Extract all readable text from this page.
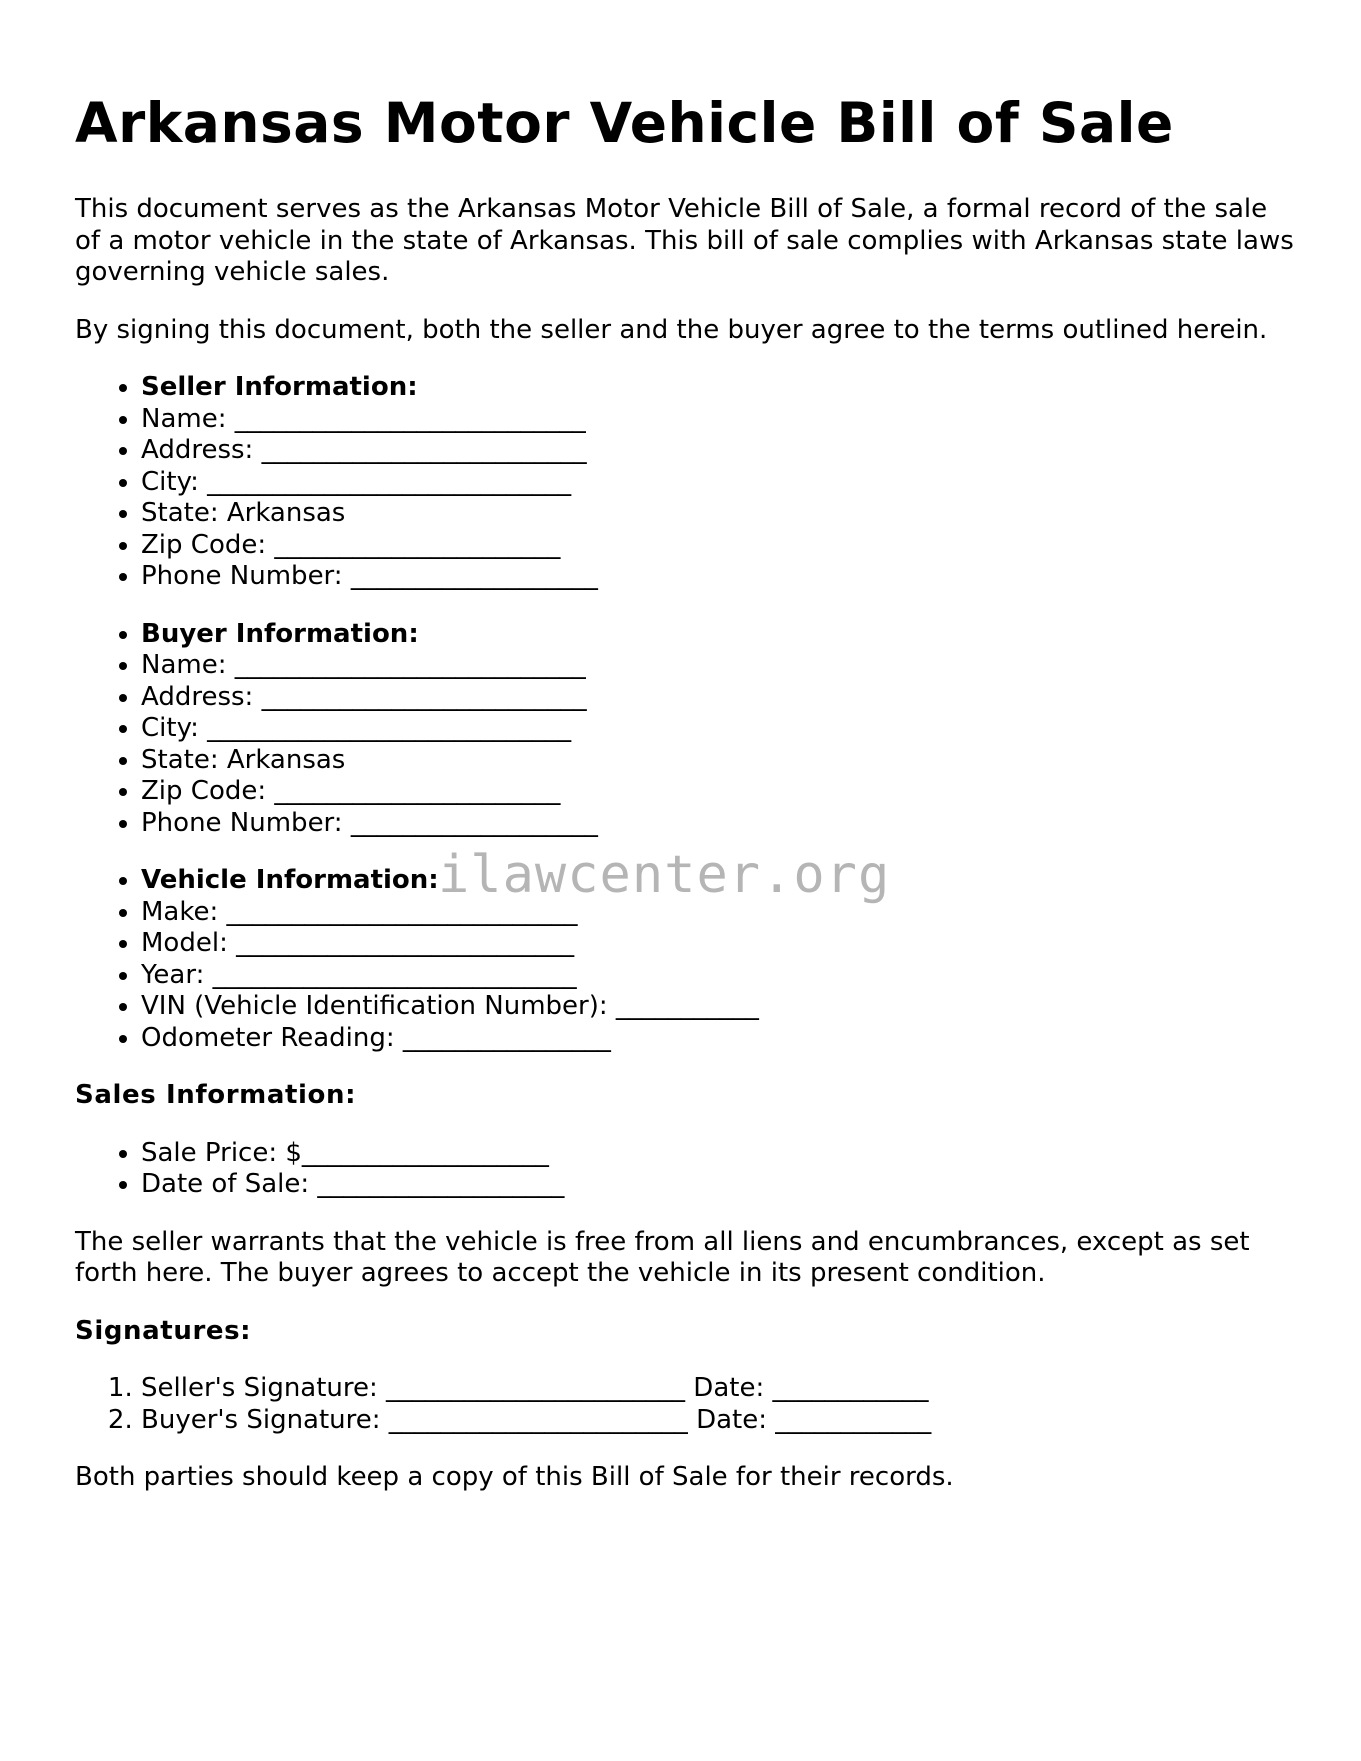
Arkansas Motor Vehicle Bill of Sale

This document serves as the Arkansas Motor Vehicle Bill of Sale, a formal record of the sale of a motor vehicle in the state of Arkansas. This bill of sale complies with Arkansas state laws governing vehicle sales.

By signing this document, both the seller and the buyer agree to the terms outlined herein.

• Seller Information:
• Name: ___________________________
• Address: _________________________
• City: ____________________________
• State: Arkansas
• Zip Code: ______________________
• Phone Number: ___________________
• Buyer Information:
• Name: ___________________________
• Address: _________________________
• City: ____________________________
• State: Arkansas
• Zip Code: ______________________
• Phone Number: ___________________
• Vehicle Information:
• Make: ___________________________
• Model: __________________________
• Year: ____________________________
• VIN (Vehicle Identification Number): ___________
• Odometer Reading: ________________
Sales Information:
• Sale Price: $___________________
• Date of Sale: ___________________

The seller warrants that the vehicle is free from all liens and encumbrances, except as set forth here. The buyer agrees to accept the vehicle in its present condition.

Signatures:
1. Seller's Signature: _______________________ Date: ____________
2. Buyer's Signature: _______________________ Date: ____________

Both parties should keep a copy of this Bill of Sale for their records.

ilawcenter.org
